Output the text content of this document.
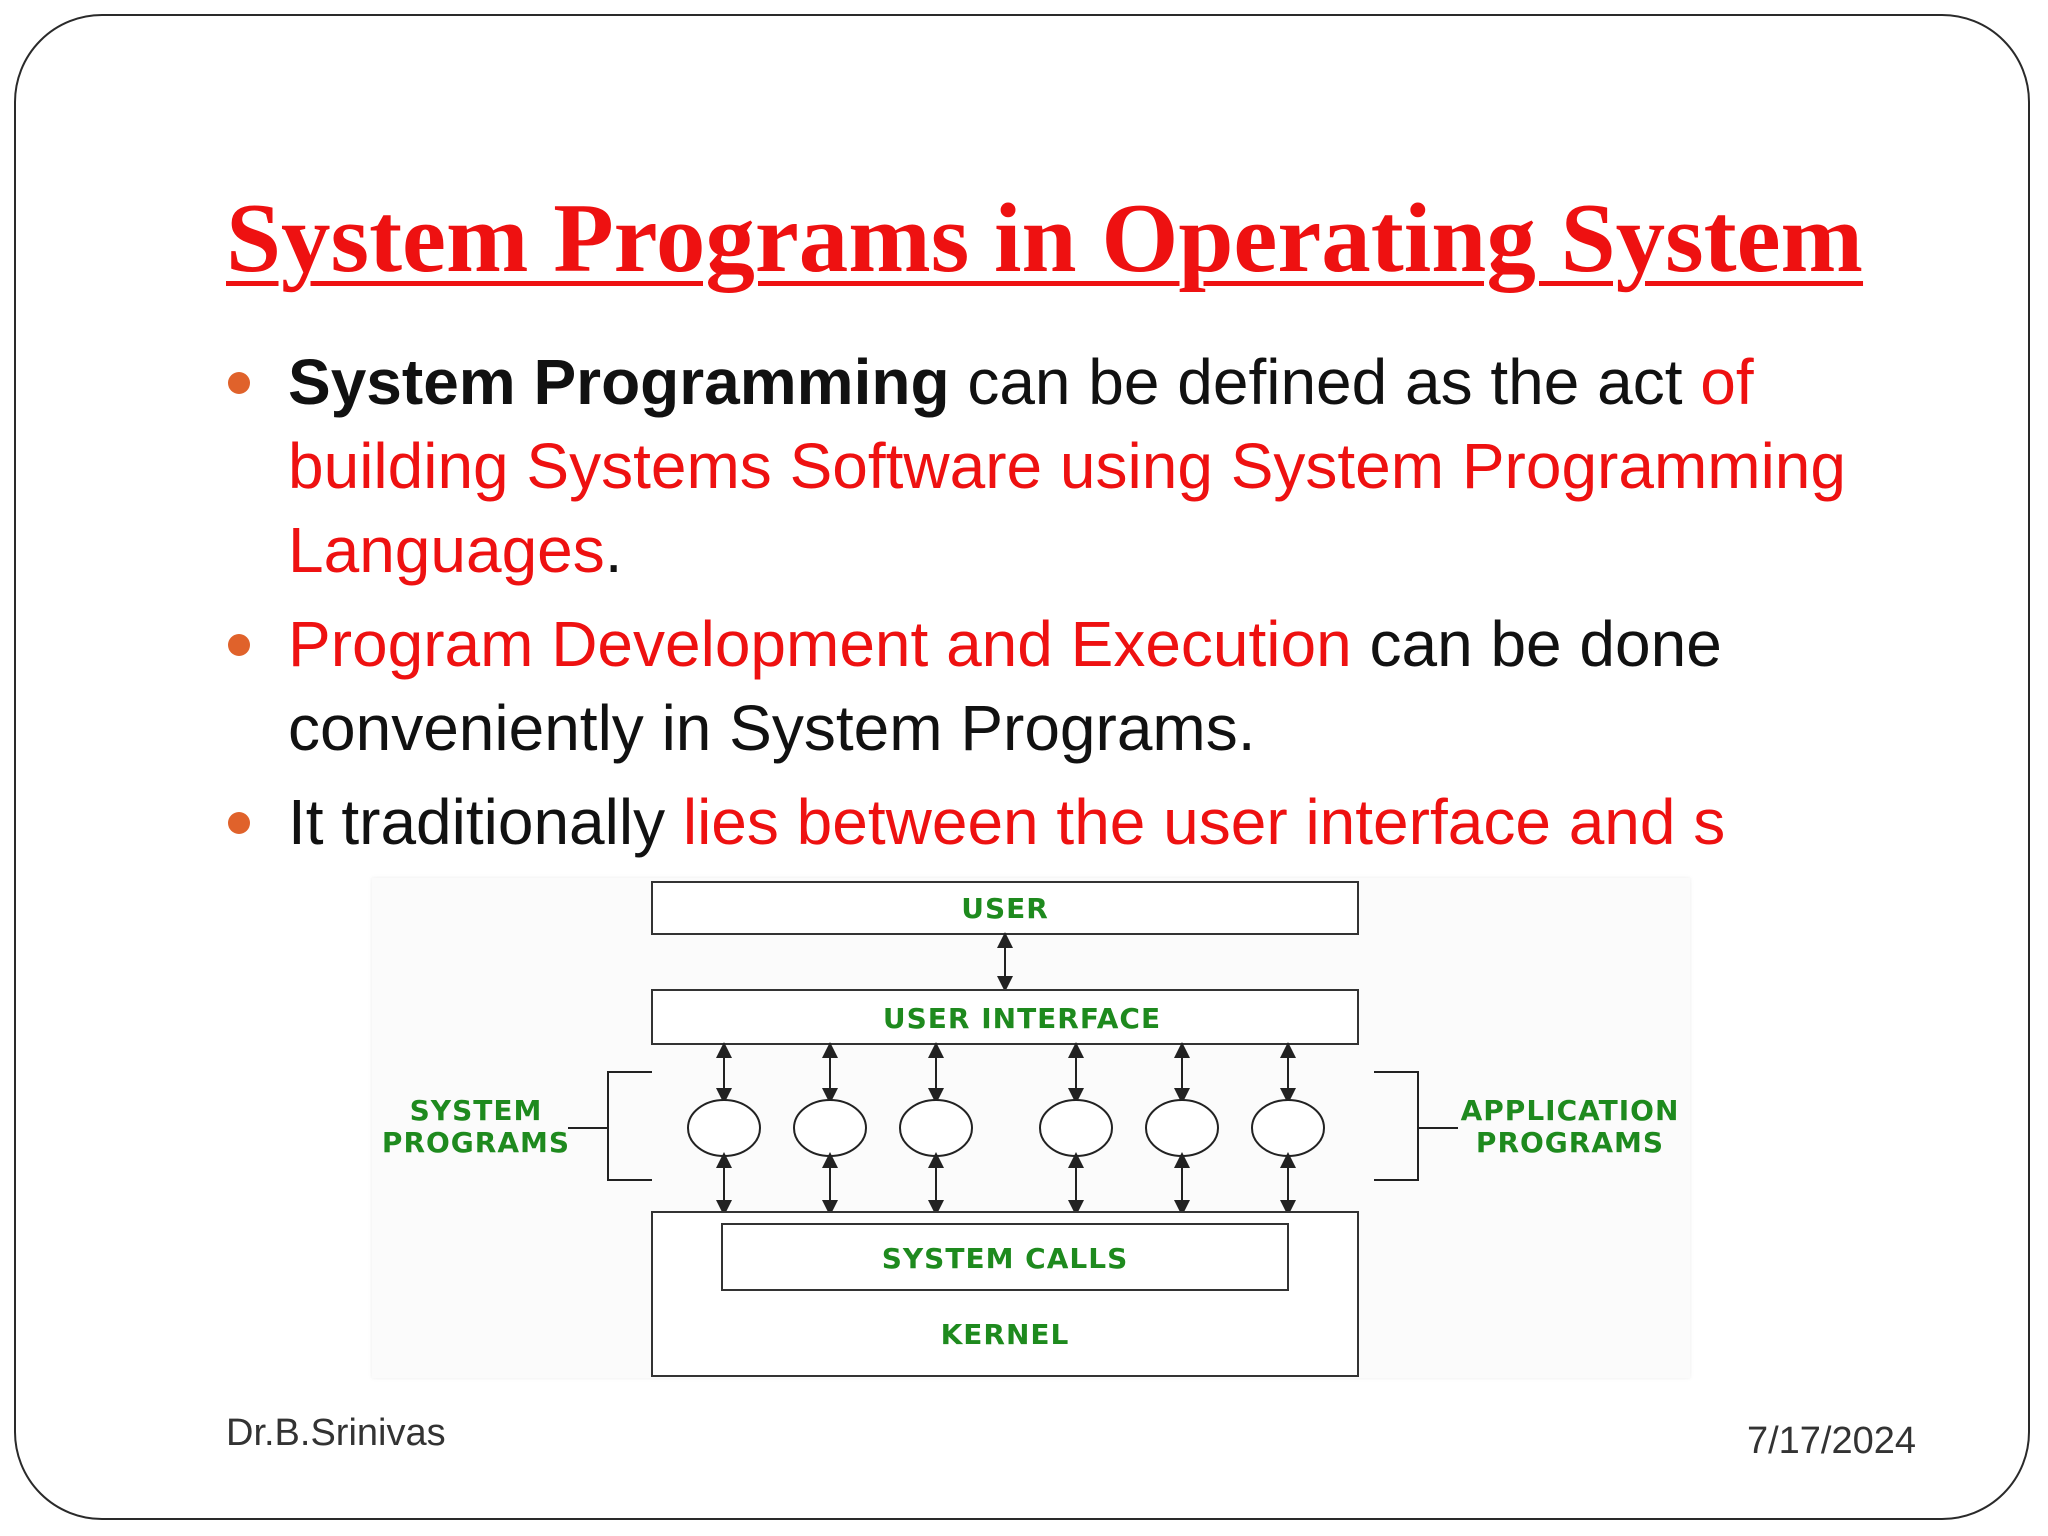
System Programs in Operating System
System Programming can be defined as the act of building Systems Software using System Programming Languages.
Program Development and Execution can be done conveniently in System Programs.
It traditionally lies between the user interface and s
USER
USER INTERFACE
SYSTEM
PROGRAMS
APPLICATION
PROGRAMS
SYSTEM CALLS
KERNEL
Dr.B.Srinivas	7/17/2024
